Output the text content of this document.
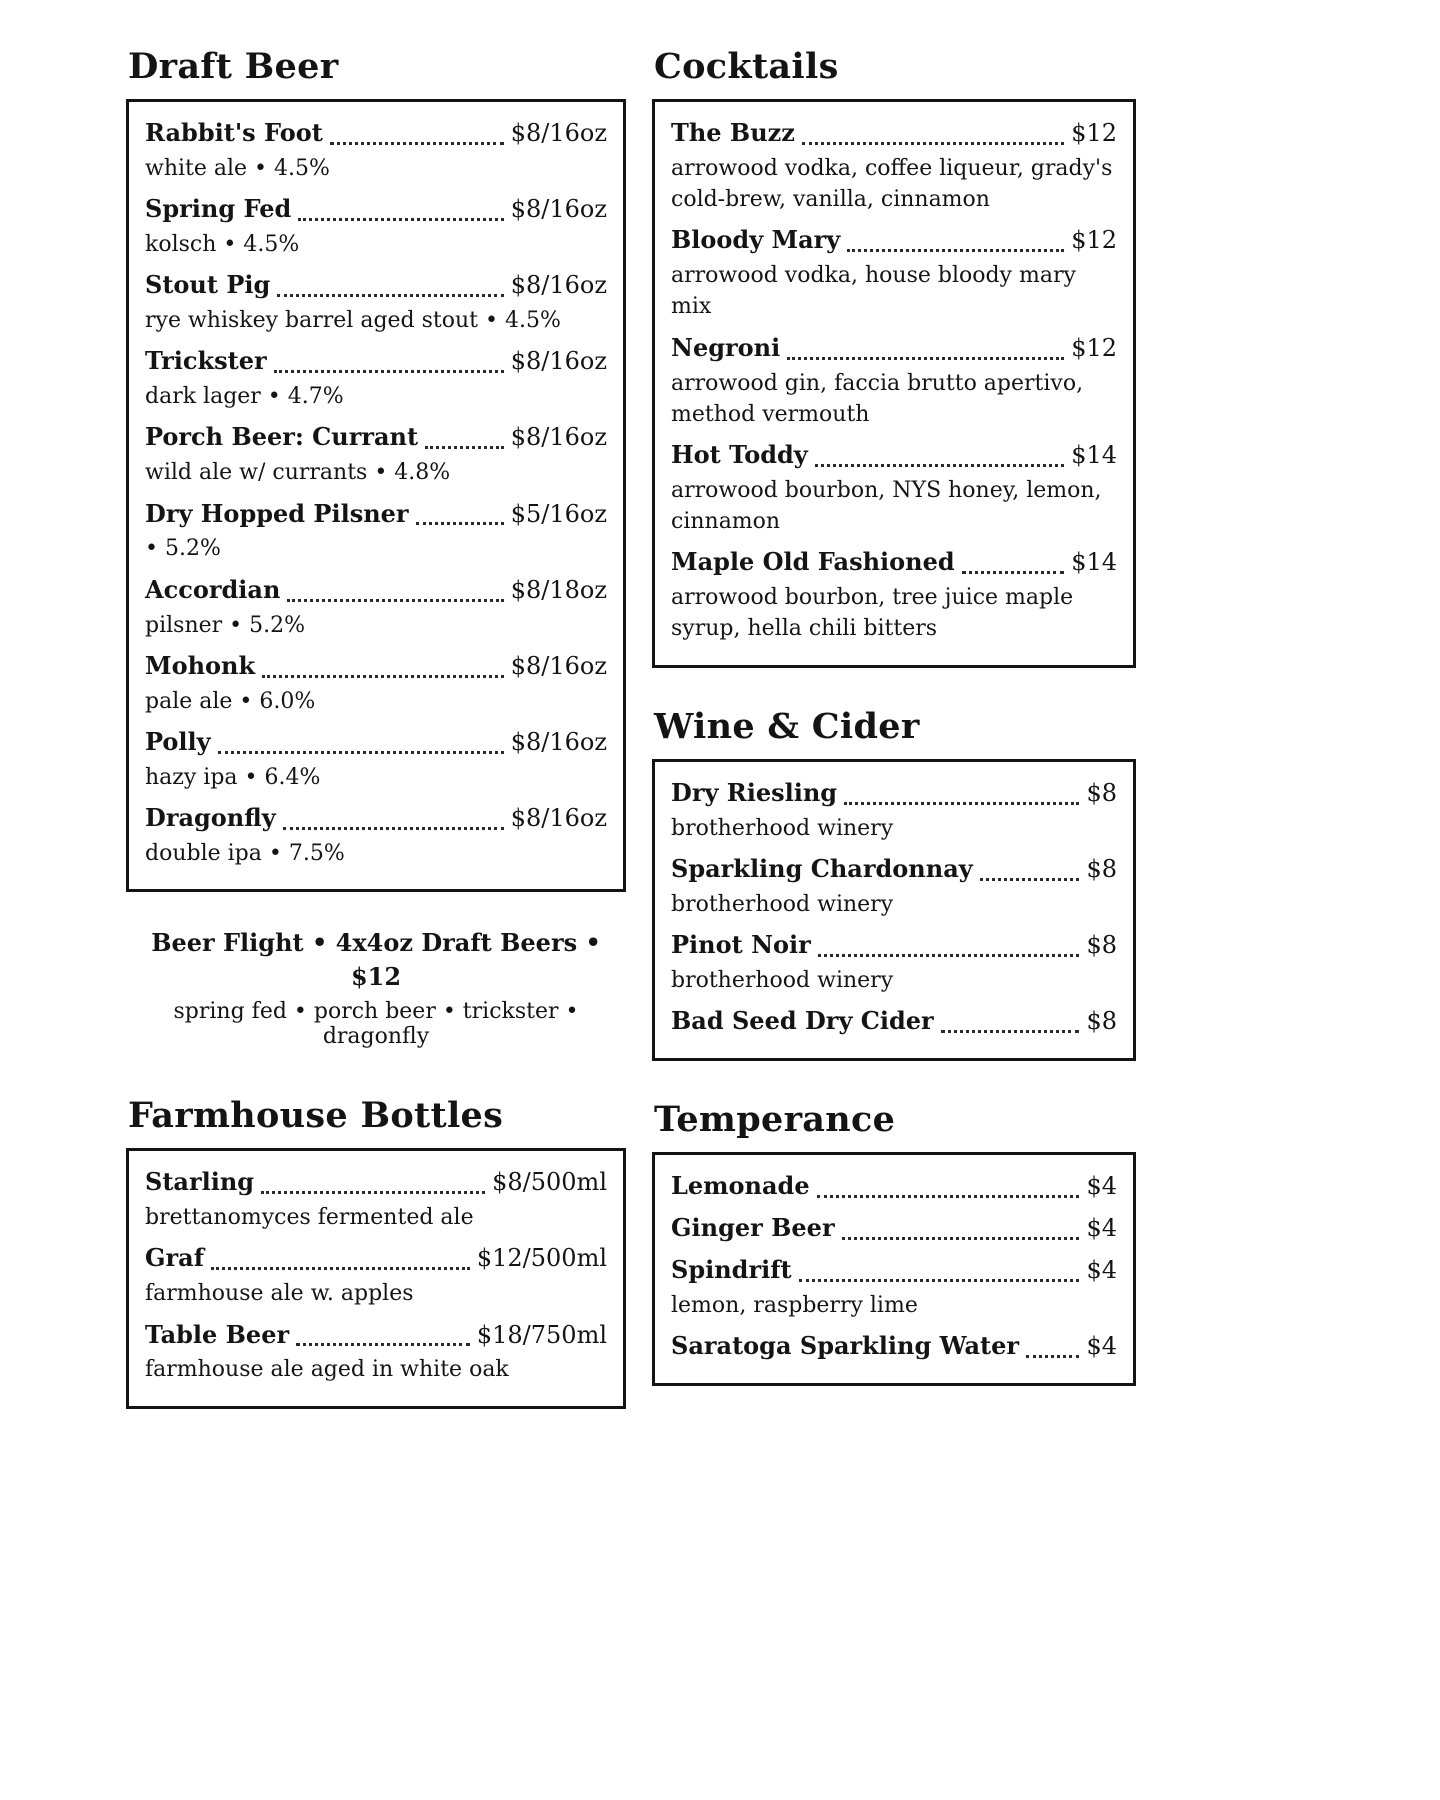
Draft Beer
Rabbit's Foot	$8/16oz
white ale • 4.5%
Spring Fed	$8/16oz
kolsch • 4.5%
Stout Pig	$8/16oz
rye whiskey barrel aged stout • 4.5%
Trickster	$8/16oz
dark lager • 4.7%
Porch Beer: Currant	$8/16oz
wild ale w/ currants • 4.8%
Dry Hopped Pilsner	$5/16oz
• 5.2%
Accordian	$8/18oz
pilsner • 5.2%
Mohonk	$8/16oz
pale ale • 6.0%
Polly	$8/16oz
hazy ipa • 6.4%
Dragonfly	$8/16oz
double ipa • 7.5%
Beer Flight • 4x4oz Draft Beers • $12
spring fed • porch beer • trickster • dragonfly
Farmhouse Bottles
Starling	$8/500ml
brettanomyces fermented ale
Graf	$12/500ml
farmhouse ale w. apples
Table Beer	$18/750ml
farmhouse ale aged in white oak
Cocktails
The Buzz	$12
arrowood vodka, coffee liqueur, grady's cold-brew, vanilla, cinnamon
Bloody Mary	$12
arrowood vodka, house bloody mary mix
Negroni	$12
arrowood gin, faccia brutto apertivo, method vermouth
Hot Toddy	$14
arrowood bourbon, NYS honey, lemon, cinnamon
Maple Old Fashioned	$14
arrowood bourbon, tree juice maple syrup, hella chili bitters
Wine & Cider
Dry Riesling	$8
brotherhood winery
Sparkling Chardonnay	$8
brotherhood winery
Pinot Noir	$8
brotherhood winery
Bad Seed Dry Cider	$8
Temperance
Lemonade	$4
Ginger Beer	$4
Spindrift	$4
lemon, raspberry lime
Saratoga Sparkling Water	$4
